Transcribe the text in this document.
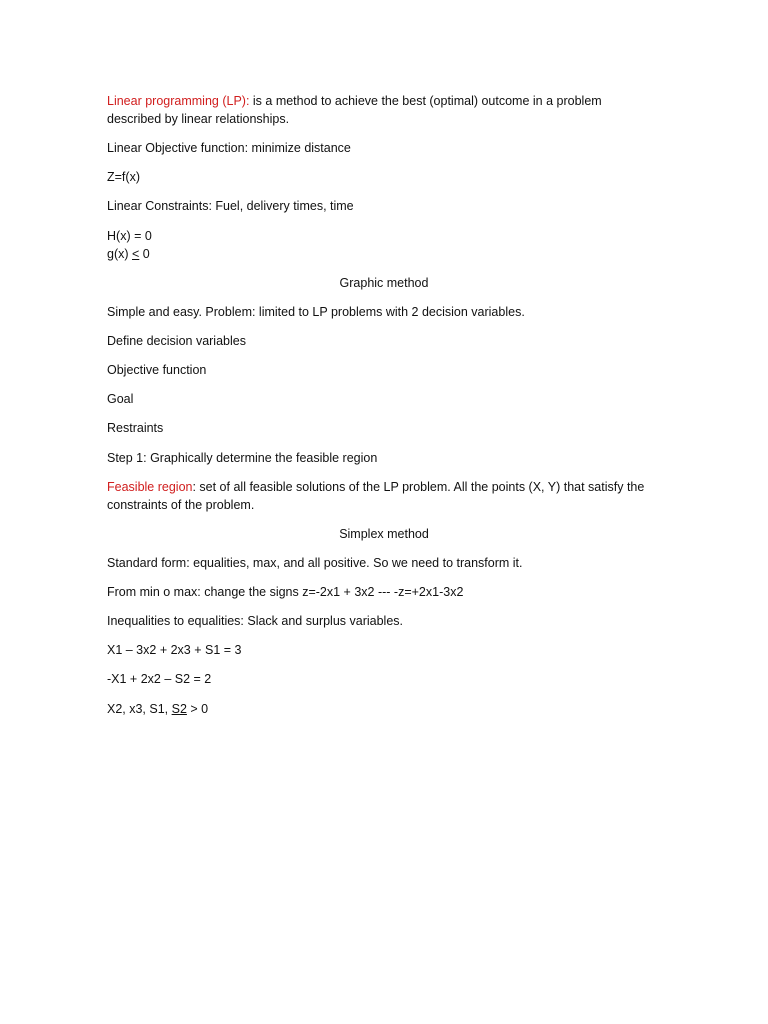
Linear programming (LP): is a method to achieve the best (optimal) outcome in a problem described by linear relationships.

Linear Objective function: minimize distance

Z=f(x)

Linear Constraints: Fuel, delivery times, time

H(x) = 0

g(x) < 0

Graphic method

Simple and easy. Problem: limited to LP problems with 2 decision variables.

Define decision variables

Objective function

Goal

Restraints

Step 1: Graphically determine the feasible region

Feasible region: set of all feasible solutions of the LP problem. All the points (X, Y) that satisfy the constraints of the problem.

Simplex method

Standard form: equalities, max, and all positive. So we need to transform it.

From min o max: change the signs z=-2x1 + 3x2 --- -z=+2x1-3x2

Inequalities to equalities: Slack and surplus variables.

X1 – 3x2 + 2x3 + S1 = 3

-X1 + 2x2 – S2 = 2

X2, x3, S1, S2 > 0
